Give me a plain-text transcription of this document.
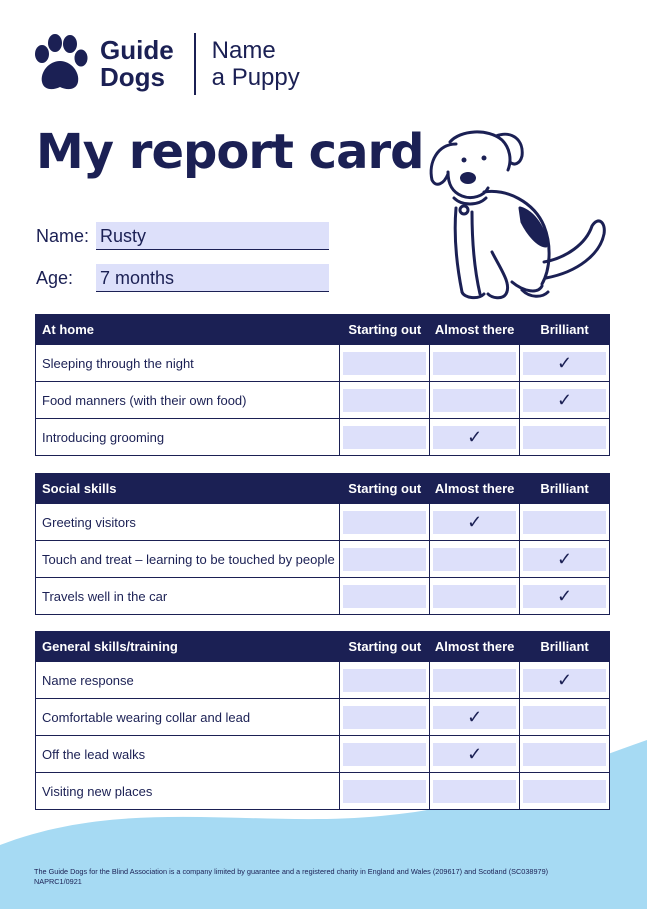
Guide
Dogs
Name
a Puppy
My report card
Name: Rusty
Age:	7 months
At home	Starting out	Almost there	Brilliant
Sleeping through the night			✓

Food manners (with their own food)			✓

Introducing grooming		✓	

Social skills	Starting out	Almost there	Brilliant
Greeting visitors		✓	

Touch and treat – learning to be touched by people			✓

Travels well in the car			✓
General skills/training	Starting out	Almost there	Brilliant
Name response			✓

Comfortable wearing collar and lead		✓	

Off the lead walks		✓	

Visiting new places	

The Guide Dogs for the Blind Association is a company limited by guarantee and a registered charity in England and Wales (209617) and Scotland (SC038979)
NAPRC1/0921
